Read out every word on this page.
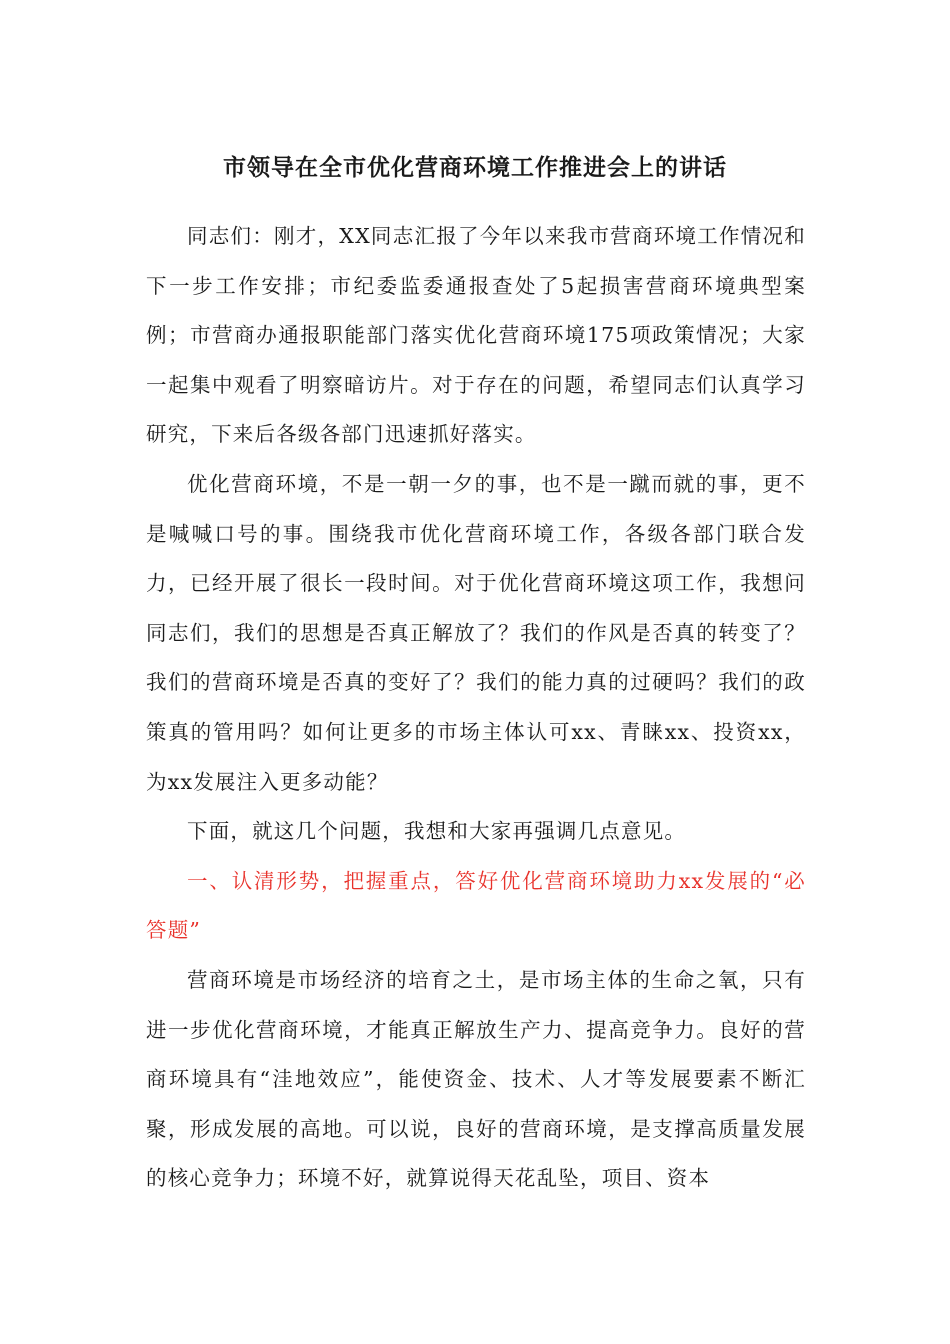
市领导在全市优化营商环境工作推进会上的讲话

同志们：刚才，XX同志汇报了今年以来我市营商环境工作情况和下一步工作安排；市纪委监委通报查处了5起损害营商环境典型案例；市营商办通报职能部门落实优化营商环境175项政策情况；大家一起集中观看了明察暗访片。对于存在的问题，希望同志们认真学习研究，下来后各级各部门迅速抓好落实。

优化营商环境，不是一朝一夕的事，也不是一蹴而就的事，更不是喊喊口号的事。围绕我市优化营商环境工作，各级各部门联合发力，已经开展了很长一段时间。对于优化营商环境这项工作，我想问同志们，我们的思想是否真正解放了？我们的作风是否真的转变了？我们的营商环境是否真的变好了？我们的能力真的过硬吗？我们的政策真的管用吗？如何让更多的市场主体认可xx、青睐xx、投资xx，为xx发展注入更多动能？

下面，就这几个问题，我想和大家再强调几点意见。

一、认清形势，把握重点，答好优化营商环境助力xx发展的“必答题”

营商环境是市场经济的培育之土，是市场主体的生命之氧，只有进一步优化营商环境，才能真正解放生产力、提高竞争力。良好的营商环境具有“洼地效应”，能使资金、技术、人才等发展要素不断汇聚，形成发展的高地。可以说，良好的营商环境，是支撑高质量发展的核心竞争力；环境不好，就算说得天花乱坠，项目、资本
